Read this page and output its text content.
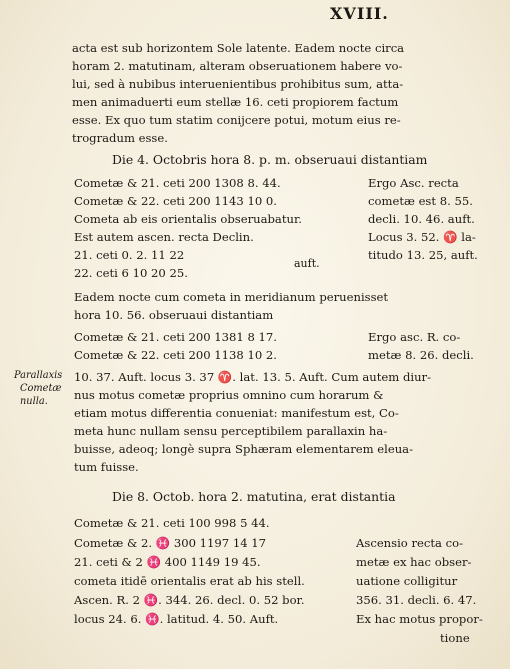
XVIII.
acta est sub horizontem Sole latente. Eadem nocte circa
horam 2. matutinam, alteram obseruationem habere vo-
lui, sed à nubibus interuenientibus prohibitus sum, atta-
men animaduerti eum stellæ 16. ceti propiorem factum
esse. Ex quo tum statim conijcere potui, motum eius re-
trogradum esse.
Die 4. Octobris hora 8. p. m. obseruaui distantiam
Cometæ & 21. ceti 200 1308 8. 44.	Ergo Asc. recta
Cometæ & 22. ceti 200 1143 10 0.	cometæ est 8. 55.
Cometa ab eis orientalis obseruabatur.	decli. 10. 46. auft.
Est autem ascen. recta Declin.	Locus 3. 52. ♈ la-
21. ceti 0. 2. 11 22	titudo 13. 25, auft.
22. ceti 6 10 20 25.
auft.
Eadem nocte cum cometa in meridianum peruenisset
hora 10. 56. obseruaui distantiam
Cometæ & 21. ceti 200 1381 8 17.	Ergo asc. R. co-
Cometæ & 22. ceti 200 1138 10 2.	metæ 8. 26. decli.
Parallaxis
Cometæ
nulla.
10. 37. Auft. locus 3. 37 ♈. lat. 13. 5. Auft. Cum autem diur-
nus motus cometæ proprius omnino cum horarum &
etiam motus differentia conueniat: manifestum est, Co-
meta hunc nullam sensu perceptibilem parallaxin ha-
buisse, adeoq; longè supra Sphæram elementarem eleua-
tum fuisse.
Die 8. Octob. hora 2. matutina, erat distantia
Cometæ & 21. ceti 100 998 5 44.
Cometæ & 2. ♓ 300 1197 14 17	Ascensio recta co-
21. ceti & 2 ♓ 400 1149 19 45.	metæ ex hac obser-
cometa itidē orientalis erat ab his stell.	uatione colligitur
Ascen. R. 2 ♓. 344. 26. decl. 0. 52 bor.	356. 31. decli. 6. 47.
locus 24. 6. ♓. latitud. 4. 50. Auft.	Ex hac motus propor-
tione
